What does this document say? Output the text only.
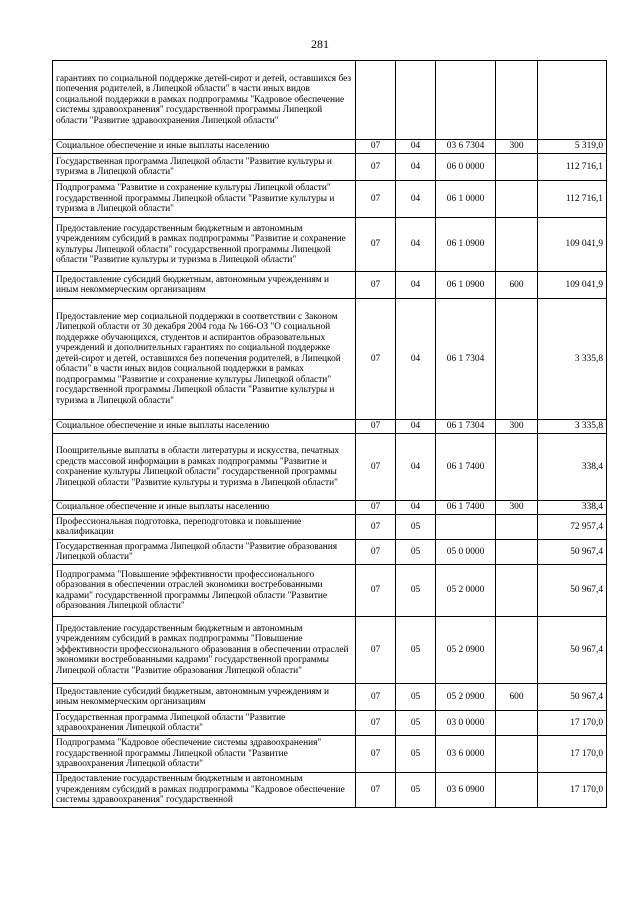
281
гарантиях по социальной поддержке детей-сирот и детей, оставшихся без попечения родителей, в Липецкой области" в части иных видов социальной поддержки в рамках подпрограммы "Кадровое обеспечение системы здравоохранения" государственной программы Липецкой области "Развитие здравоохранения Липецкой области"					
Социальное обеспечение и иные выплаты населению	07	04	03 6 7304	300	5 319,0
Государственная программа Липецкой области "Развитие культуры и туризма в Липецкой области"	07	04	06 0 0000		112 716,1
Подпрограмма "Развитие и сохранение культуры Липецкой области" государственной программы Липецкой области "Развитие культуры и туризма в Липецкой области"	07	04	06 1 0000		112 716,1
Предоставление государственным бюджетным и автономным учреждениям субсидий в рамках подпрограммы "Развитие и сохранение культуры Липецкой области" государственной программы Липецкой области "Развитие культуры и туризма в Липецкой области"	07	04	06 1 0900		109 041,9
Предоставление субсидий бюджетным, автономным учреждениям и иным некоммерческим организациям	07	04	06 1 0900	600	109 041,9
Предоставление мер социальной поддержки в соответствии с Законом Липецкой области от 30 декабря 2004 года № 166-ОЗ "О социальной поддержке обучающихся, студентов и аспирантов образовательных учреждений и дополнительных гарантиях по социальной поддержке детей-сирот и детей, оставшихся без попечения родителей, в Липецкой области" в части иных видов социальной поддержки в рамках подпрограммы "Развитие и сохранение культуры Липецкой области" государственной программы Липецкой области "Развитие культуры и туризма в Липецкой области"	07	04	06 1 7304		3 335,8
Социальное обеспечение и иные выплаты населению	07	04	06 1 7304	300	3 335,8
Поощрительные выплаты в области литературы и искусства, печатных средств массовой информации в рамках подпрограммы "Развитие и сохранение культуры Липецкой области" государственной программы Липецкой области "Развитие культуры и туризма в Липецкой области"	07	04	06 1 7400		338,4
Социальное обеспечение и иные выплаты населению	07	04	06 1 7400	300	338,4
Профессиональная подготовка, переподготовка и повышение квалификации	07	05			72 957,4
Государственная программа Липецкой области "Развитие образования Липецкой области"	07	05	05 0 0000		50 967,4
Подпрограмма "Повышение эффективности профессионального образования в обеспечении отраслей экономики востребованными кадрами" государственной программы Липецкой области "Развитие образования Липецкой области"	07	05	05 2 0000		50 967,4
Предоставление государственным бюджетным и автономным учреждениям субсидий в рамках подпрограммы "Повышение эффективности профессионального образования в обеспечении отраслей экономики востребованными кадрами" государственной программы Липецкой области "Развитие образования Липецкой области"	07	05	05 2 0900		50 967,4
Предоставление субсидий бюджетным, автономным учреждениям и иным некоммерческим организациям	07	05	05 2 0900	600	50 967,4
Государственная программа Липецкой области "Развитие здравоохранения Липецкой области"	07	05	03 0 0000		17 170,0
Подпрограмма "Кадровое обеспечение системы здравоохранения" государственной программы Липецкой области "Развитие здравоохранения Липецкой области"	07	05	03 6 0000		17 170,0
Предоставление государственным бюджетным и автономным учреждениям субсидий в рамках подпрограммы "Кадровое обеспечение системы здравоохранения" государственной	07	05	03 6 0900		17 170,0
